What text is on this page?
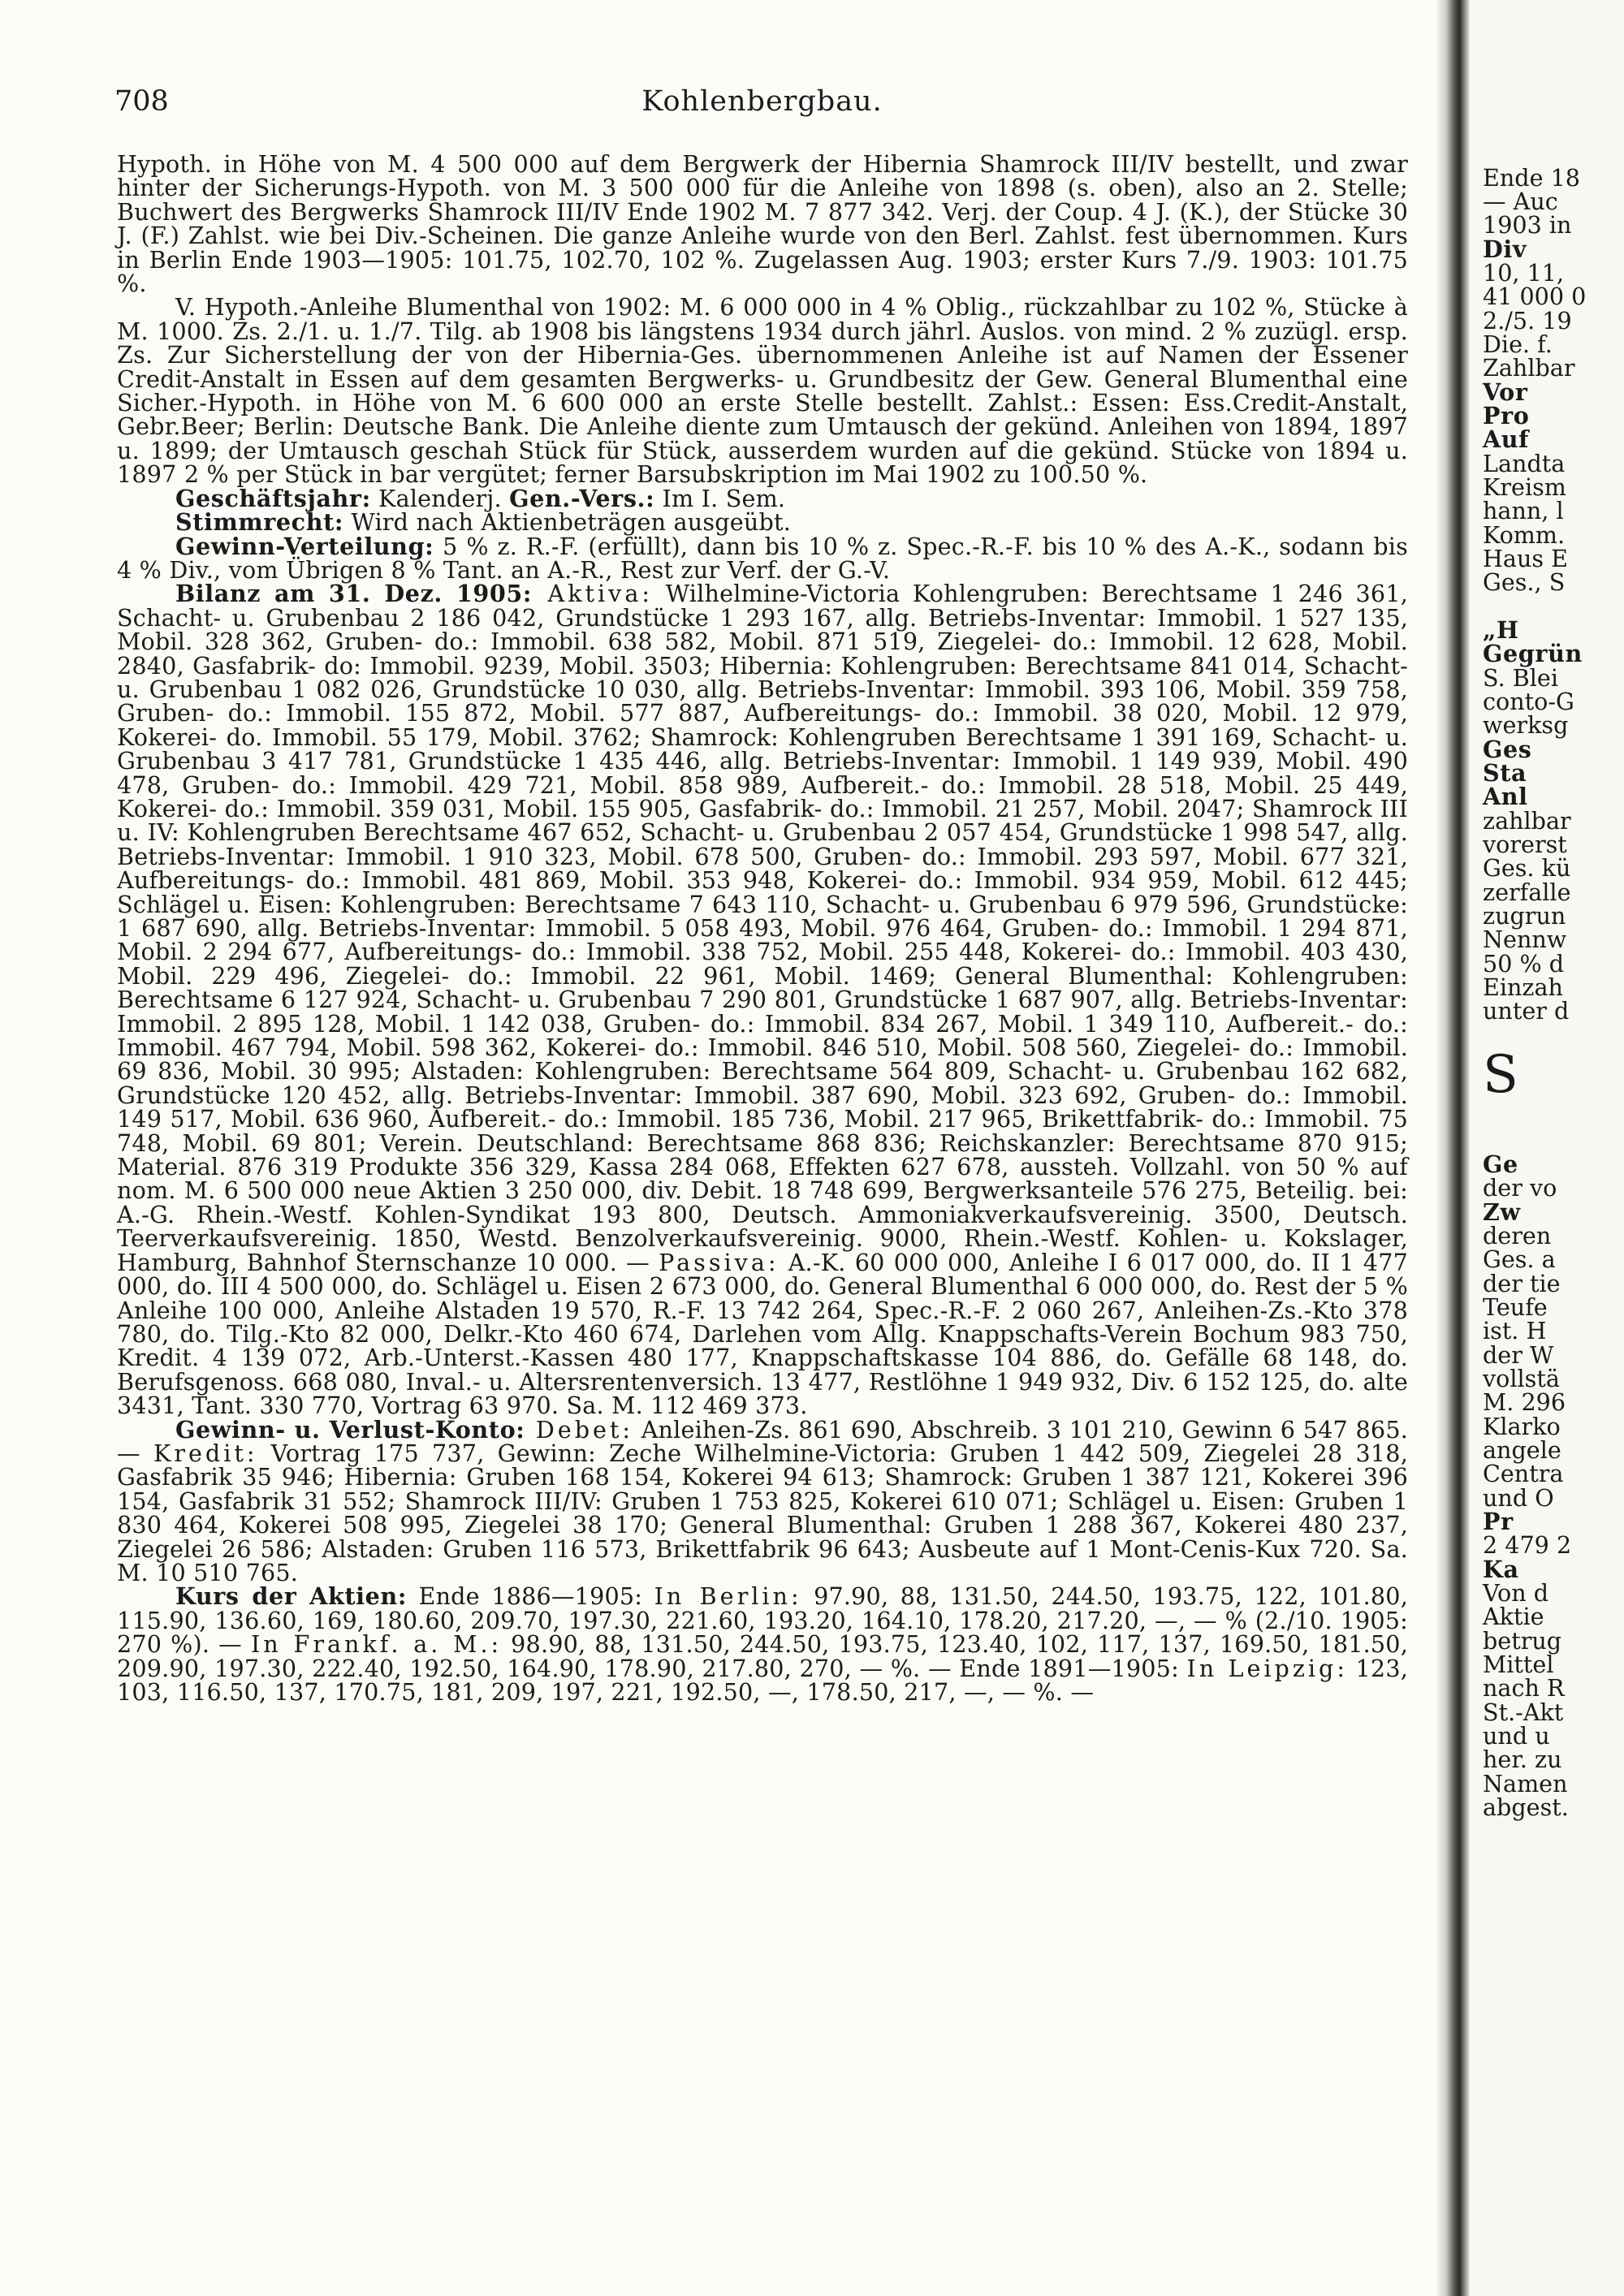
708	Kohlenbergbau.

Hypoth. in Höhe von M. 4 500 000 auf dem Bergwerk der Hibernia Shamrock III/IV bestellt, und zwar hinter der Sicherungs-Hypoth. von M. 3 500 000 für die Anleihe von 1898 (s. oben), also an 2. Stelle; Buchwert des Bergwerks Shamrock III/IV Ende 1902 M. 7 877 342. Verj. der Coup. 4 J. (K.), der Stücke 30 J. (F.) Zahlst. wie bei Div.-Scheinen. Die ganze Anleihe wurde von den Berl. Zahlst. fest übernommen. Kurs in Berlin Ende 1903—1905: 101.75, 102.70, 102 %. Zugelassen Aug. 1903; erster Kurs 7./9. 1903: 101.75 %.

V. Hypoth.-Anleihe Blumenthal von 1902: M. 6 000 000 in 4 % Oblig., rückzahlbar zu 102 %, Stücke à M. 1000. Zs. 2./1. u. 1./7. Tilg. ab 1908 bis längstens 1934 durch jährl. Auslos. von mind. 2 % zuzügl. ersp. Zs. Zur Sicherstellung der von der Hibernia-Ges. übernommenen Anleihe ist auf Namen der Essener Credit-Anstalt in Essen auf dem gesamten Bergwerks- u. Grundbesitz der Gew. General Blumenthal eine Sicher.-Hypoth. in Höhe von M. 6 600 000 an erste Stelle bestellt. Zahlst.: Essen: Ess.Credit-Anstalt, Gebr.Beer; Berlin: Deutsche Bank. Die Anleihe diente zum Umtausch der gekünd. Anleihen von 1894, 1897 u. 1899; der Umtausch geschah Stück für Stück, ausserdem wurden auf die gekünd. Stücke von 1894 u. 1897 2 % per Stück in bar vergütet; ferner Barsubskription im Mai 1902 zu 100.50 %.

Geschäftsjahr: Kalenderj. Gen.-Vers.: Im I. Sem.

Stimmrecht: Wird nach Aktienbeträgen ausgeübt.

Gewinn-Verteilung: 5 % z. R.-F. (erfüllt), dann bis 10 % z. Spec.-R.-F. bis 10 % des A.-K., sodann bis 4 % Div., vom Übrigen 8 % Tant. an A.-R., Rest zur Verf. der G.-V.

Bilanz am 31. Dez. 1905: Aktiva: Wilhelmine-Victoria Kohlengruben: Berechtsame 1 246 361, Schacht- u. Grubenbau 2 186 042, Grundstücke 1 293 167, allg. Betriebs-Inventar: Immobil. 1 527 135, Mobil. 328 362, Gruben- do.: Immobil. 638 582, Mobil. 871 519, Ziegelei- do.: Immobil. 12 628, Mobil. 2840, Gasfabrik- do: Immobil. 9239, Mobil. 3503; Hibernia: Kohlengruben: Berechtsame 841 014, Schacht- u. Grubenbau 1 082 026, Grundstücke 10 030, allg. Betriebs-Inventar: Immobil. 393 106, Mobil. 359 758, Gruben- do.: Immobil. 155 872, Mobil. 577 887, Aufbereitungs- do.: Immobil. 38 020, Mobil. 12 979, Kokerei- do. Immobil. 55 179, Mobil. 3762; Shamrock: Kohlengruben Berechtsame 1 391 169, Schacht- u. Grubenbau 3 417 781, Grundstücke 1 435 446, allg. Betriebs-Inventar: Immobil. 1 149 939, Mobil. 490 478, Gruben- do.: Immobil. 429 721, Mobil. 858 989, Aufbereit.- do.: Immobil. 28 518, Mobil. 25 449, Kokerei- do.: Immobil. 359 031, Mobil. 155 905, Gasfabrik- do.: Immobil. 21 257, Mobil. 2047; Shamrock III u. IV: Kohlengruben Berechtsame 467 652, Schacht- u. Grubenbau 2 057 454, Grundstücke 1 998 547, allg. Betriebs-Inventar: Immobil. 1 910 323, Mobil. 678 500, Gruben- do.: Immobil. 293 597, Mobil. 677 321, Aufbereitungs- do.: Immobil. 481 869, Mobil. 353 948, Kokerei- do.: Immobil. 934 959, Mobil. 612 445; Schlägel u. Eisen: Kohlengruben: Berechtsame 7 643 110, Schacht- u. Grubenbau 6 979 596, Grundstücke: 1 687 690, allg. Betriebs-Inventar: Immobil. 5 058 493, Mobil. 976 464, Gruben- do.: Immobil. 1 294 871, Mobil. 2 294 677, Aufbereitungs- do.: Immobil. 338 752, Mobil. 255 448, Kokerei- do.: Immobil. 403 430, Mobil. 229 496, Ziegelei- do.: Immobil. 22 961, Mobil. 1469; General Blumenthal: Kohlengruben: Berechtsame 6 127 924, Schacht- u. Grubenbau 7 290 801, Grundstücke 1 687 907, allg. Betriebs-Inventar: Immobil. 2 895 128, Mobil. 1 142 038, Gruben- do.: Immobil. 834 267, Mobil. 1 349 110, Aufbereit.- do.: Immobil. 467 794, Mobil. 598 362, Kokerei- do.: Immobil. 846 510, Mobil. 508 560, Ziegelei- do.: Immobil. 69 836, Mobil. 30 995; Alstaden: Kohlengruben: Berechtsame 564 809, Schacht- u. Grubenbau 162 682, Grundstücke 120 452, allg. Betriebs-Inventar: Immobil. 387 690, Mobil. 323 692, Gruben- do.: Immobil. 149 517, Mobil. 636 960, Aufbereit.- do.: Immobil. 185 736, Mobil. 217 965, Brikettfabrik- do.: Immobil. 75 748, Mobil. 69 801; Verein. Deutschland: Berechtsame 868 836; Reichskanzler: Berechtsame 870 915; Material. 876 319 Produkte 356 329, Kassa 284 068, Effekten 627 678, aussteh. Vollzahl. von 50 % auf nom. M. 6 500 000 neue Aktien 3 250 000, div. Debit. 18 748 699, Bergwerksanteile 576 275, Beteilig. bei: A.-G. Rhein.-Westf. Kohlen-Syndikat 193 800, Deutsch. Ammoniakverkaufsvereinig. 3500, Deutsch. Teerverkaufsvereinig. 1850, Westd. Benzolverkaufsvereinig. 9000, Rhein.-Westf. Kohlen- u. Kokslager, Hamburg, Bahnhof Sternschanze 10 000. — Passiva: A.-K. 60 000 000, Anleihe I 6 017 000, do. II 1 477 000, do. III 4 500 000, do. Schlägel u. Eisen 2 673 000, do. General Blumenthal 6 000 000, do. Rest der 5 % Anleihe 100 000, Anleihe Alstaden 19 570, R.-F. 13 742 264, Spec.-R.-F. 2 060 267, Anleihen-Zs.-Kto 378 780, do. Tilg.-Kto 82 000, Delkr.-Kto 460 674, Darlehen vom Allg. Knappschafts-Verein Bochum 983 750, Kredit. 4 139 072, Arb.-Unterst.-Kassen 480 177, Knappschaftskasse 104 886, do. Gefälle 68 148, do. Berufsgenoss. 668 080, Inval.- u. Altersrentenversich. 13 477, Restlöhne 1 949 932, Div. 6 152 125, do. alte 3431, Tant. 330 770, Vortrag 63 970. Sa. M. 112 469 373.

Gewinn- u. Verlust-Konto: Debet: Anleihen-Zs. 861 690, Abschreib. 3 101 210, Gewinn 6 547 865. — Kredit: Vortrag 175 737, Gewinn: Zeche Wilhelmine-Victoria: Gruben 1 442 509, Ziegelei 28 318, Gasfabrik 35 946; Hibernia: Gruben 168 154, Kokerei 94 613; Shamrock: Gruben 1 387 121, Kokerei 396 154, Gasfabrik 31 552; Shamrock III/IV: Gruben 1 753 825, Kokerei 610 071; Schlägel u. Eisen: Gruben 1 830 464, Kokerei 508 995, Ziegelei 38 170; General Blumenthal: Gruben 1 288 367, Kokerei 480 237, Ziegelei 26 586; Alstaden: Gruben 116 573, Brikettfabrik 96 643; Ausbeute auf 1 Mont-Cenis-Kux 720. Sa. M. 10 510 765.

Kurs der Aktien: Ende 1886—1905: In Berlin: 97.90, 88, 131.50, 244.50, 193.75, 122, 101.80, 115.90, 136.60, 169, 180.60, 209.70, 197.30, 221.60, 193.20, 164.10, 178.20, 217.20, —, — % (2./10. 1905: 270 %). — In Frankf. a. M.: 98.90, 88, 131.50, 244.50, 193.75, 123.40, 102, 117, 137, 169.50, 181.50, 209.90, 197.30, 222.40, 192.50, 164.90, 178.90, 217.80, 270, — %. — Ende 1891—1905: In Leipzig: 123, 103, 116.50, 137, 170.75, 181, 209, 197, 221, 192.50, —, 178.50, 217, —, — %. —

Ende 18
— Auc
1903 in
Div
10, 11,
41 000 0
2./5. 19
Die. f.
Zahlbar
Vor
Pro
Auf
Landta
Kreism
hann, l
Komm.
Haus E
Ges., S
„H
Gegrün
S. Blei
conto-G
werksg
Ges
Sta
Anl
zahlbar
vorerst
Ges. kü
zerfalle
zugrun
Nennw
50 % d
Einzah
unter d
S
Ge
der vo
Zw
deren
Ges. a
der tie
Teufe
ist. H
der W
vollstä
M. 296
Klarko
angele
Centra
und O
Pr
2 479 2
Ka
Von d
Aktie
betrug
Mittel
nach R
St.-Akt
und u
her. zu
Namen
abgest.
